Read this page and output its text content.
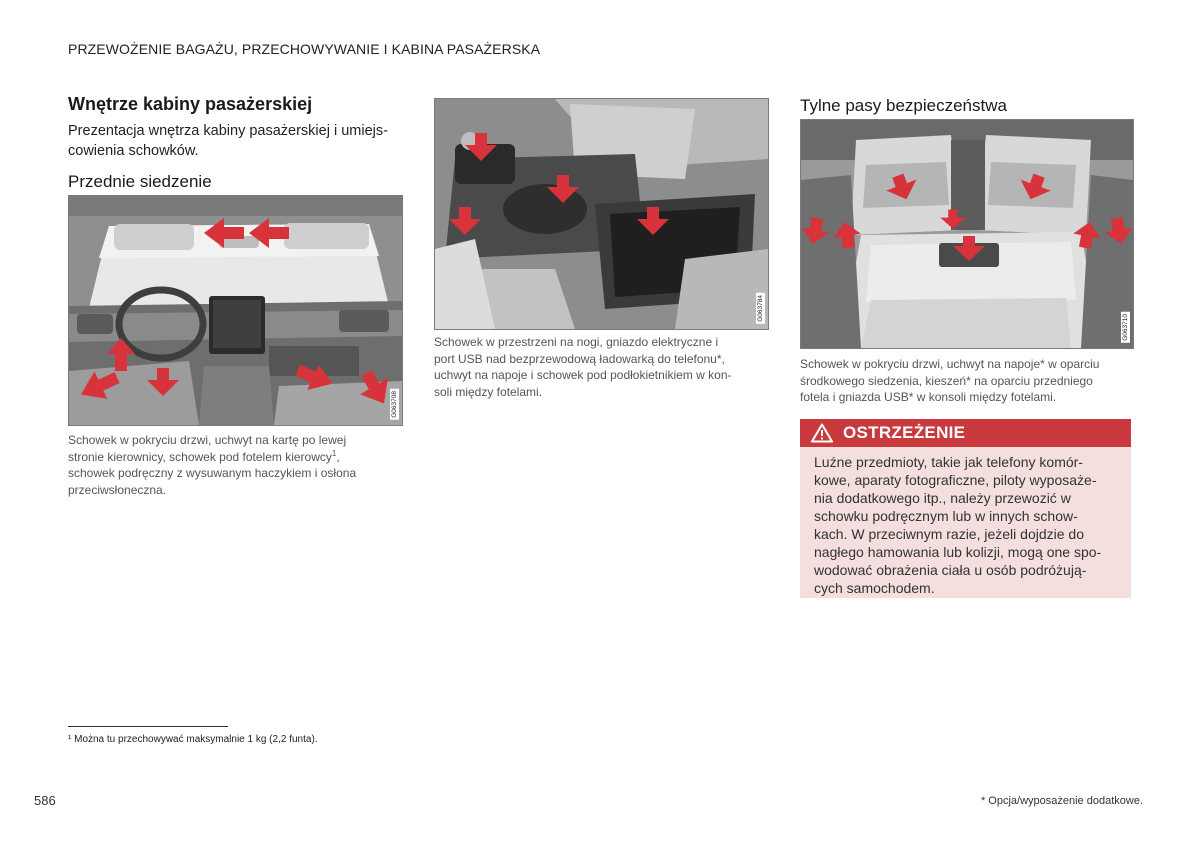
PRZEWOŻENIE BAGAŻU, PRZECHOWYWANIE I KABINA PASAŻERSKA
Wnętrze kabiny pasażerskiej
Prezentacja wnętrza kabiny pasażerskiej i umiejs-
cowienia schowków.
Przednie siedzenie
G063708
Schowek w pokryciu drzwi, uchwyt na kartę po lewej
stronie kierownicy, schowek pod fotelem kierowcy$^1$,
schowek podręczny z wysuwanym haczykiem i osłona
przeciwsłoneczna.
G063784
Schowek w przestrzeni na nogi, gniazdo elektryczne i
port USB nad bezprzewodową ładowarką do telefonu*,
uchwyt na napoje i schowek pod podłokietnikiem w kon-
soli między fotelami.
Tylne pasy bezpieczeństwa
G063710
Schowek w pokryciu drzwi, uchwyt na napoje* w oparciu
środkowego siedzenia, kieszeń* na oparciu przedniego
fotela i gniazda USB* w konsoli między fotelami.
OSTRZEŻENIE
Luźne przedmioty, takie jak telefony komór-
kowe, aparaty fotograficzne, piloty wyposaże-
nia dodatkowego itp., należy przewozić w
schowku podręcznym lub w innych schow-
kach. W przeciwnym razie, jeżeli dojdzie do
nagłego hamowania lub kolizji, mogą one spo-
wodować obrażenia ciała u osób podróżują-
cych samochodem.
¹ Można tu przechowywać maksymalnie 1 kg (2,2 funta).
586	* Opcja/wyposażenie dodatkowe.
